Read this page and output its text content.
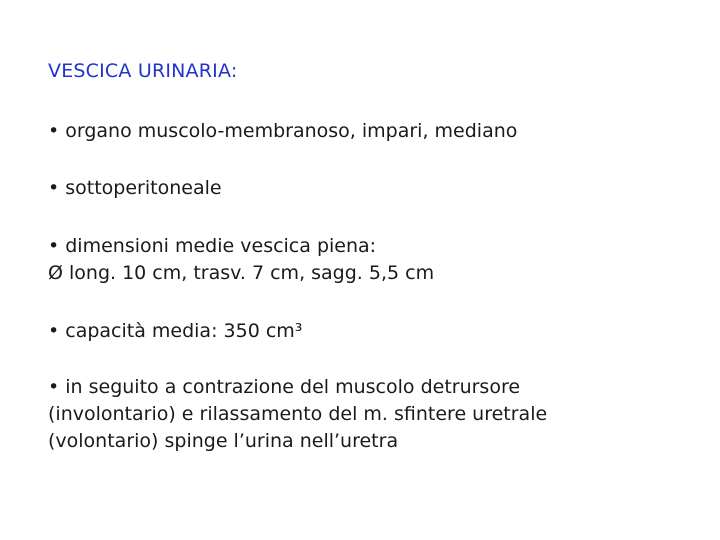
VESCICA URINARIA:
• organo muscolo-membranoso, impari, mediano
• sottoperitoneale
• dimensioni medie vescica piena:
Ø long. 10 cm, trasv. 7 cm, sagg. 5,5 cm
• capacità media: 350 cm³
• in seguito a contrazione del muscolo detrursore
(involontario) e rilassamento del m. sfintere uretrale
(volontario) spinge l’urina nell’uretra
